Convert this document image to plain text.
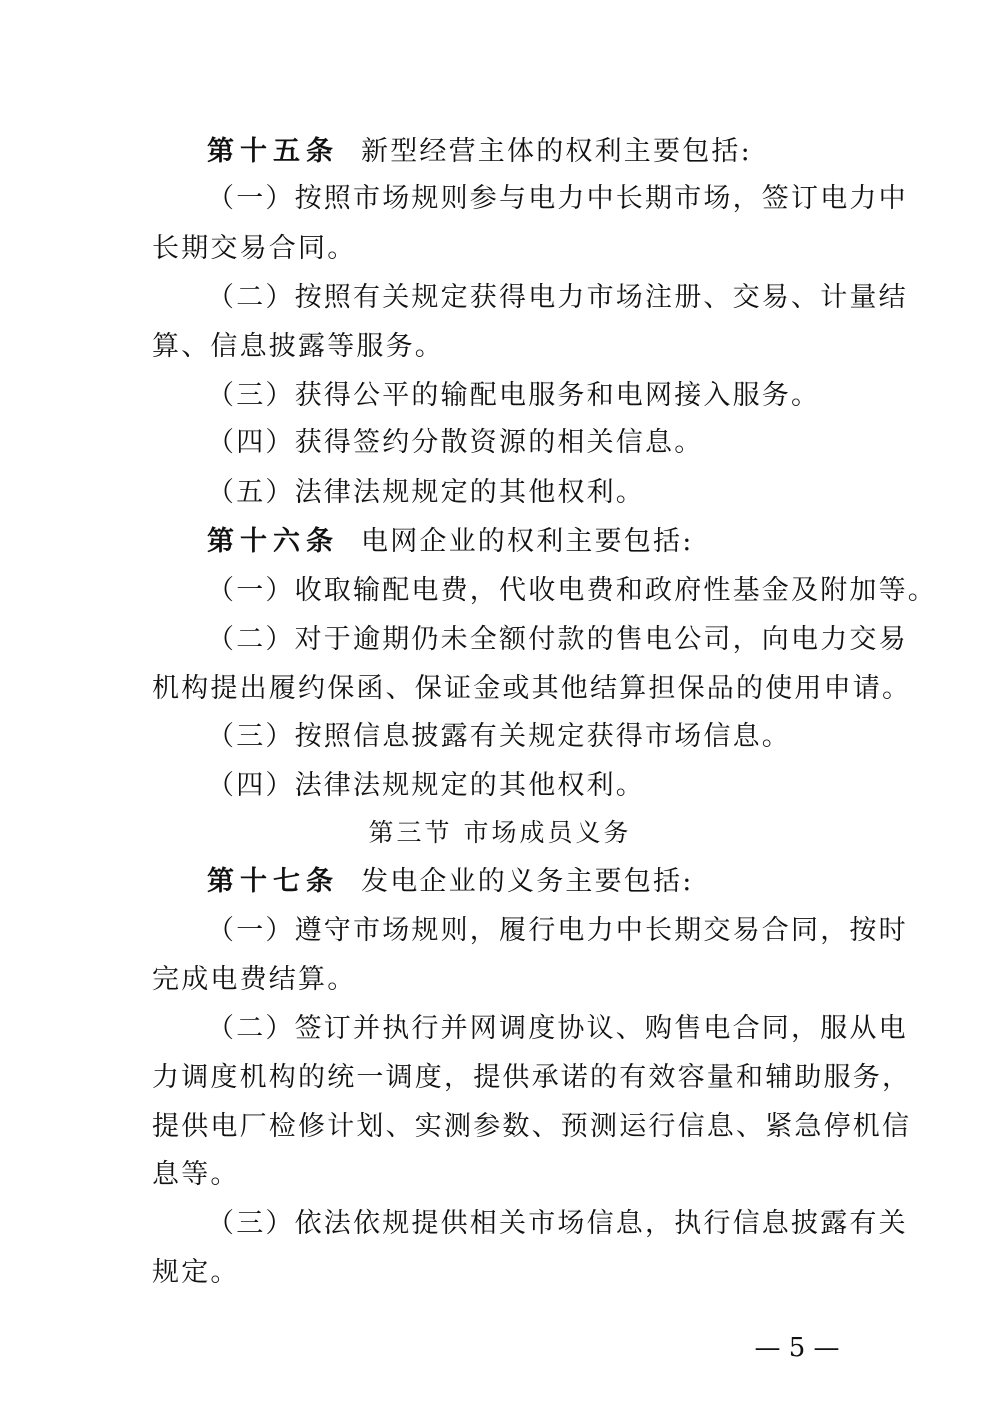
第十五条 新型经营主体的权利主要包括:
（一）按照市场规则参与电力中长期市场，签订电力中
长期交易合同。
（二）按照有关规定获得电力市场注册、交易、计量结
算、信息披露等服务。
（三）获得公平的输配电服务和电网接入服务。
（四）获得签约分散资源的相关信息。
（五）法律法规规定的其他权利。
第十六条 电网企业的权利主要包括:
（一）收取输配电费，代收电费和政府性基金及附加等。
（二）对于逾期仍未全额付款的售电公司，向电力交易
机构提出履约保函、保证金或其他结算担保品的使用申请。
（三）按照信息披露有关规定获得市场信息。
（四）法律法规规定的其他权利。
第三节 市场成员义务
第十七条 发电企业的义务主要包括:
（一）遵守市场规则，履行电力中长期交易合同，按时
完成电费结算。
（二）签订并执行并网调度协议、购售电合同，服从电
力调度机构的统一调度，提供承诺的有效容量和辅助服务，
提供电厂检修计划、实测参数、预测运行信息、紧急停机信
息等。
（三）依法依规提供相关市场信息，执行信息披露有关
规定。
— 5 —
